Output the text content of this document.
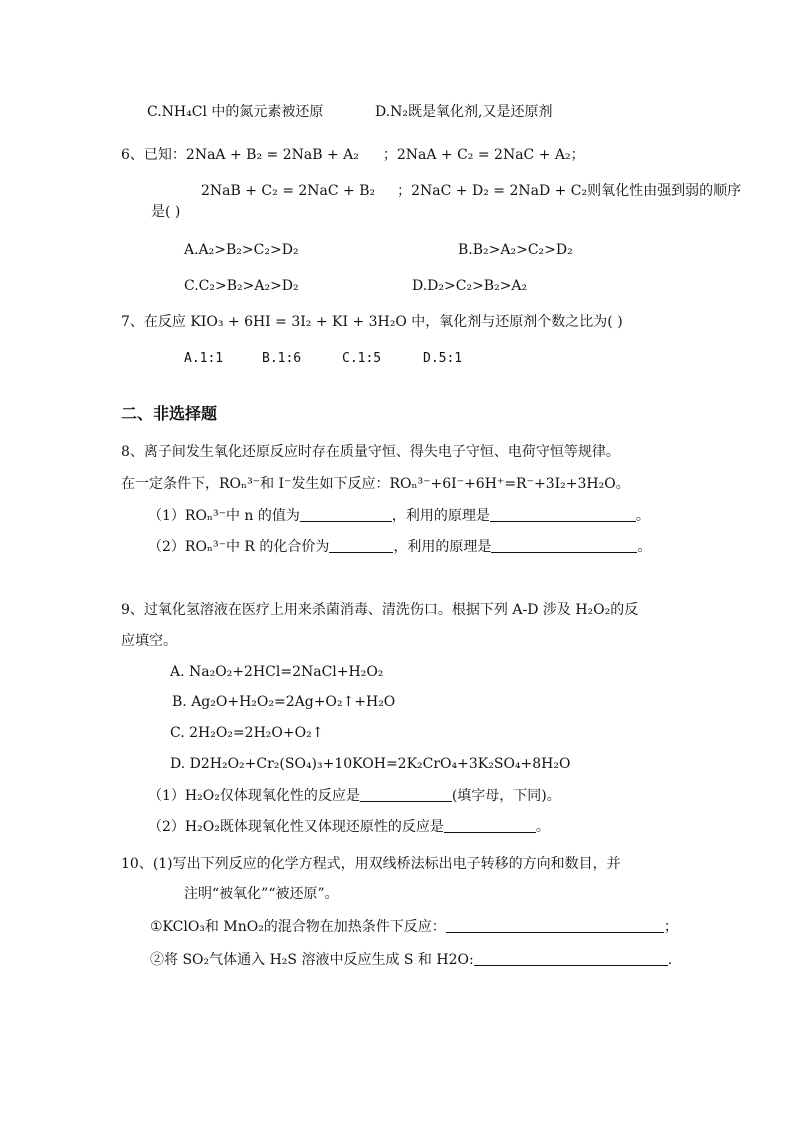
C.NH₄Cl 中的氮元素被还原	D.N₂既是氧化剂,又是还原剂
6、已知：2NaA + B₂ = 2NaB + A₂ ；2NaA + C₂ = 2NaC + A₂；
2NaB + C₂ = 2NaC + B₂ ；2NaC + D₂ = 2NaD + C₂则氧化性由强到弱的顺序
是( )
A.A₂>B₂>C₂>D₂	B.B₂>A₂>C₂>D₂
C.C₂>B₂>A₂>D₂	D.D₂>C₂>B₂>A₂
7、在反应 KIO₃ + 6HI = 3I₂ + KI + 3H₂O 中，氧化剂与还原剂个数之比为( )
A.1:1	B.1:6	C.1:5	D.5:1
二、非选择题
8、离子间发生氧化还原反应时存在质量守恒、得失电子守恒、电荷守恒等规律。
在一定条件下，ROₙ³⁻和 I⁻发生如下反应：ROₙ³⁻+6I⁻+6H⁺=R⁻+3I₂+3H₂O。
（1）ROₙ³⁻中 n 的值为	，利用的原理是	。
（2）ROₙ³⁻中 R 的化合价为	，利用的原理是	。
9、过氧化氢溶液在医疗上用来杀菌消毒、清洗伤口。根据下列 A-D 涉及 H₂O₂的反
应填空。
A. Na₂O₂+2HCl=2NaCl+H₂O₂
B. Ag₂O+H₂O₂=2Ag+O₂↑+H₂O
C. 2H₂O₂=2H₂O+O₂↑
D. D2H₂O₂+Cr₂(SO₄)₃+10KOH=2K₂CrO₄+3K₂SO₄+8H₂O
（1）H₂O₂仅体现氧化性的反应是	(填字母，下同)。
（2）H₂O₂既体现氧化性又体现还原性的反应是	。
10、(1)写出下列反应的化学方程式，用双线桥法标出电子转移的方向和数目，并
注明“被氧化”“被还原”。
①KClO₃和 MnO₂的混合物在加热条件下反应：	；
②将 SO₂气体通入 H₂S 溶液中反应生成 S 和 H2O:	.
